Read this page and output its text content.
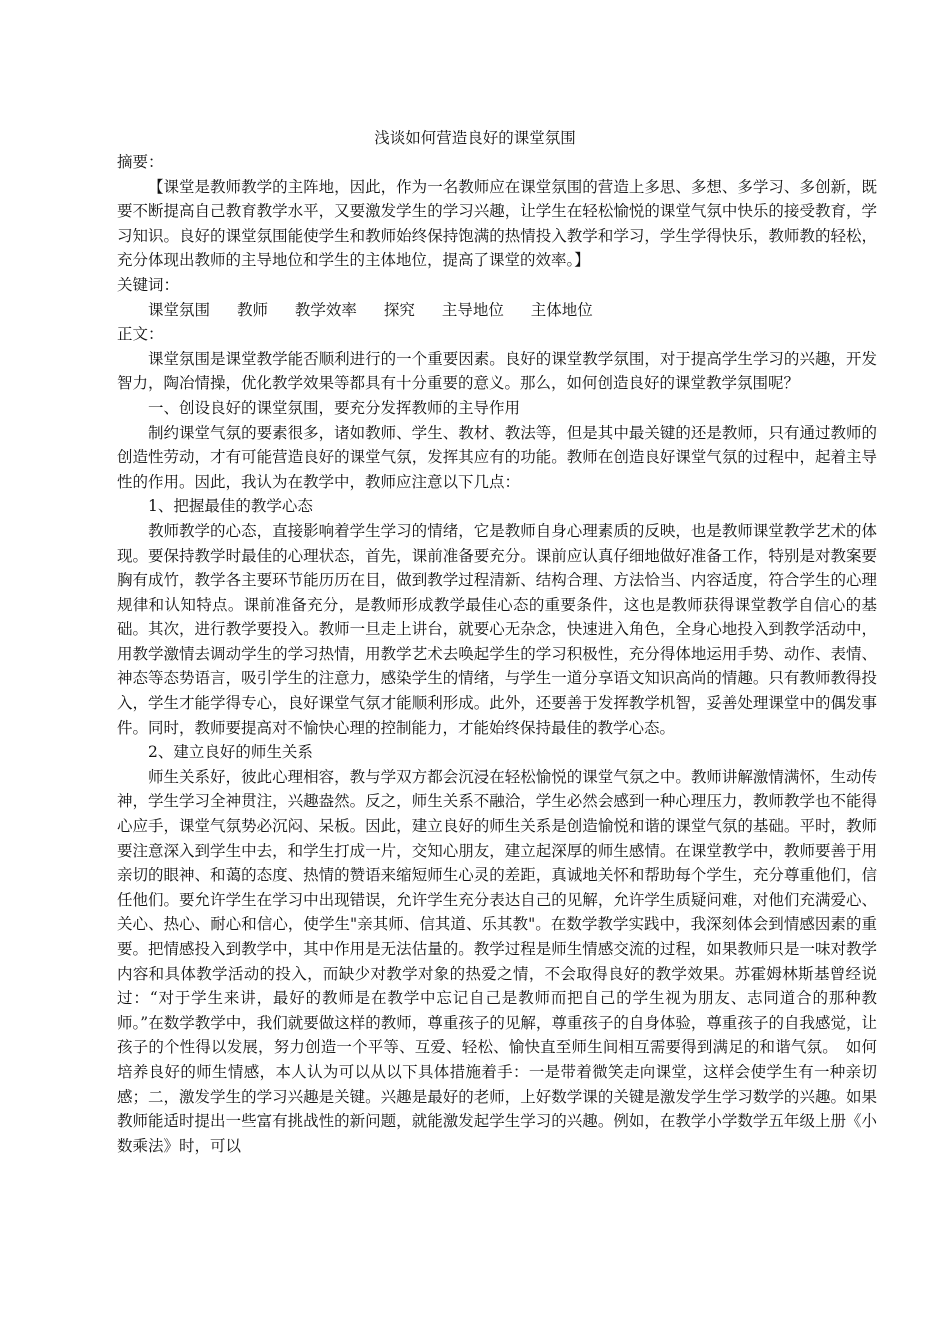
浅谈如何营造良好的课堂氛围
摘要：

【课堂是教师教学的主阵地，因此，作为一名教师应在课堂氛围的营造上多思、多想、多学习、多创新，既要不断提高自己教育教学水平，又要激发学生的学习兴趣，让学生在轻松愉悦的课堂气氛中快乐的接受教育，学习知识。良好的课堂氛围能使学生和教师始终保持饱满的热情投入教学和学习，学生学得快乐，教师教的轻松，充分体现出教师的主导地位和学生的主体地位，提高了课堂的效率。】

关键词：
课堂氛围 教师 教学效率 探究 主导地位 主体地位
正文：

课堂氛围是课堂教学能否顺利进行的一个重要因素。良好的课堂教学氛围，对于提高学生学习的兴趣，开发智力，陶冶情操，优化教学效果等都具有十分重要的意义。那么，如何创造良好的课堂教学氛围呢？

一、创设良好的课堂氛围，要充分发挥教师的主导作用

制约课堂气氛的要素很多，诸如教师、学生、教材、教法等，但是其中最关键的还是教师，只有通过教师的创造性劳动，才有可能营造良好的课堂气氛，发挥其应有的功能。教师在创造良好课堂气氛的过程中，起着主导性的作用。因此，我认为在教学中，教师应注意以下几点：

1、把握最佳的教学心态

教师教学的心态，直接影响着学生学习的情绪，它是教师自身心理素质的反映，也是教师课堂教学艺术的体现。要保持教学时最佳的心理状态，首先，课前准备要充分。课前应认真仔细地做好准备工作，特别是对教案要胸有成竹，教学各主要环节能历历在目，做到教学过程清新、结构合理、方法恰当、内容适度，符合学生的心理规律和认知特点。课前准备充分，是教师形成教学最佳心态的重要条件，这也是教师获得课堂教学自信心的基础。其次，进行教学要投入。教师一旦走上讲台，就要心无杂念，快速进入角色，全身心地投入到教学活动中，用教学激情去调动学生的学习热情，用教学艺术去唤起学生的学习积极性，充分得体地运用手势、动作、表情、神态等态势语言，吸引学生的注意力，感染学生的情绪，与学生一道分享语文知识高尚的情趣。只有教师教得投入，学生才能学得专心，良好课堂气氛才能顺利形成。此外，还要善于发挥教学机智，妥善处理课堂中的偶发事件。同时，教师要提高对不愉快心理的控制能力，才能始终保持最佳的教学心态。

2、建立良好的师生关系

师生关系好，彼此心理相容，教与学双方都会沉浸在轻松愉悦的课堂气氛之中。教师讲解激情满怀，生动传神，学生学习全神贯注，兴趣盎然。反之，师生关系不融洽，学生必然会感到一种心理压力，教师教学也不能得心应手，课堂气氛势必沉闷、呆板。因此，建立良好的师生关系是创造愉悦和谐的课堂气氛的基础。平时，教师要注意深入到学生中去，和学生打成一片，交知心朋友，建立起深厚的师生感情。在课堂教学中，教师要善于用亲切的眼神、和蔼的态度、热情的赞语来缩短师生心灵的差距，真诚地关怀和帮助每个学生，充分尊重他们，信任他们。要允许学生在学习中出现错误，允许学生充分表达自己的见解，允许学生质疑问难，对他们充满爱心、关心、热心、耐心和信心，使学生"亲其师、信其道、乐其教"。在数学教学实践中，我深刻体会到情感因素的重要。把情感投入到教学中，其中作用是无法估量的。教学过程是师生情感交流的过程，如果教师只是一味对教学内容和具体教学活动的投入，而缺少对教学对象的热爱之情，不会取得良好的教学效果。苏霍姆林斯基曾经说过：“对于学生来讲，最好的教师是在教学中忘记自己是教师而把自己的学生视为朋友、志同道合的那种教师。”在数学教学中，我们就要做这样的教师，尊重孩子的见解，尊重孩子的自身体验，尊重孩子的自我感觉，让孩子的个性得以发展，努力创造一个平等、互爱、轻松、愉快直至师生间相互需要得到满足的和谐气氛。　如何培养良好的师生情感，本人认为可以从以下具体措施着手：一是带着微笑走向课堂，这样会使学生有一种亲切感；二，激发学生的学习兴趣是关键。兴趣是最好的老师，上好数学课的关键是激发学生学习数学的兴趣。如果教师能适时提出一些富有挑战性的新问题，就能激发起学生学习的兴趣。例如，在教学小学数学五年级上册《小数乘法》时，可以
